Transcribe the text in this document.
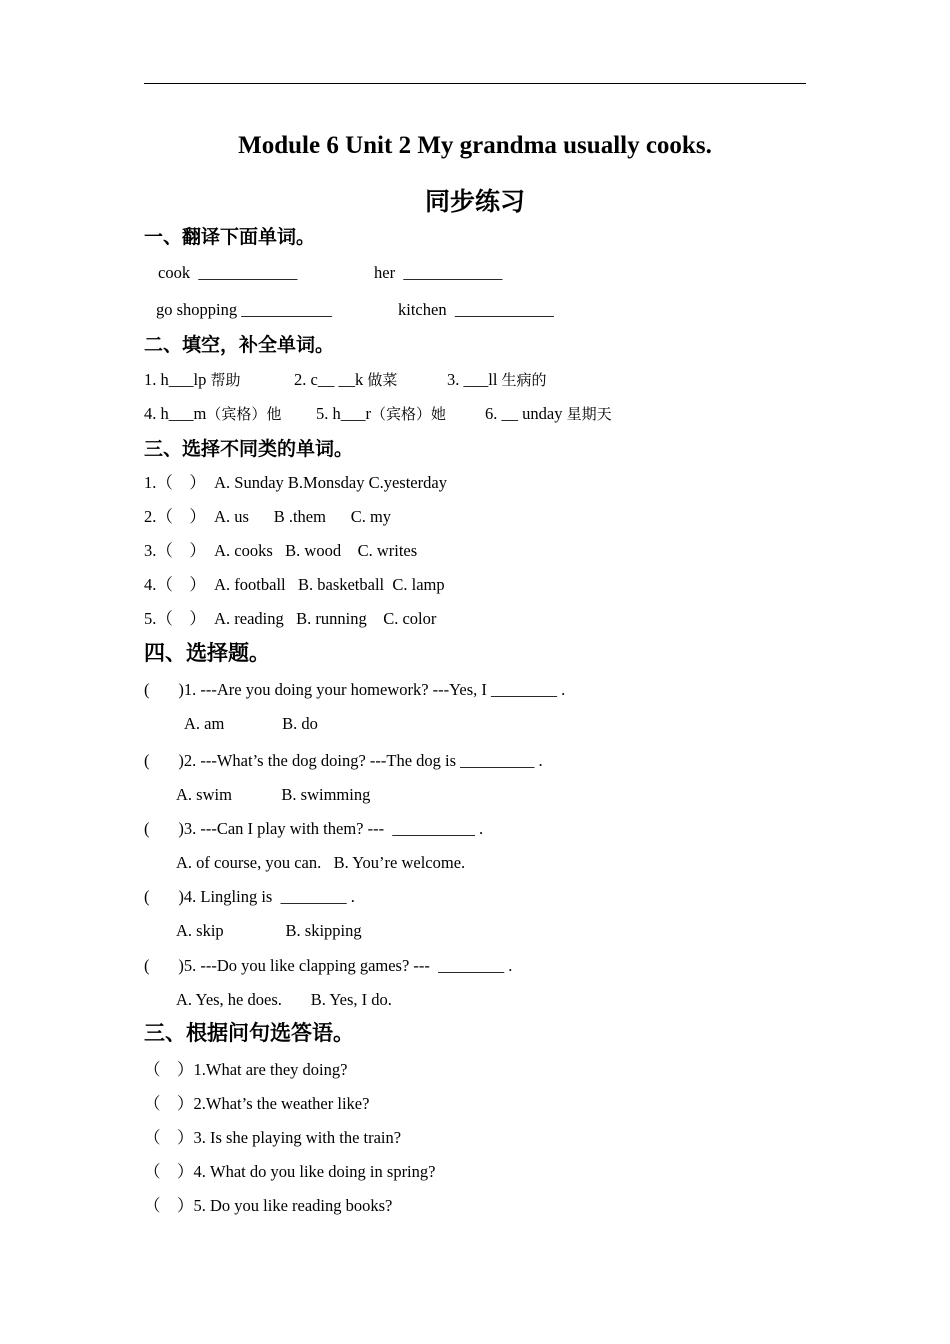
Module 6 Unit 2 My grandma usually cooks.
同步练习
一、翻译下面单词。
cook  ____________	her  ____________
go shopping ___________	kitchen  ____________
二、填空，补全单词。
1. h___lp 帮助	2. c__ __k 做菜	3. ___ll 生病的
4. h___m（宾格）他 5. h___r（宾格）她 6. __ unday 星期天
三、选择不同类的单词。
1.（　）  A. Sunday B.Monsday C.yesterday
2.（　）  A. us      B .them      C. my
3.（　）  A. cooks   B. wood    C. writes
4.（　）  A. football   B. basketball  C. lamp
5.（　）  A. reading   B. running    C. color
四、选择题。
(       )1. ---Are you doing your homework? ---Yes, I ________ .
A. am              B. do
(       )2. ---What’s the dog doing? ---The dog is _________ .
A. swim            B. swimming
(       )3. ---Can I play with them? ---  __________ .
A. of course, you can.   B. You’re welcome.
(       )4. Lingling is  ________ .
A. skip               B. skipping
(       )5. ---Do you like clapping games? ---  ________ .
A. Yes, he does.       B. Yes, I do.
三、根据问句选答语。
（　）1.What are they doing?
（　）2.What’s the weather like?
（　）3. Is she playing with the train?
（　）4. What do you like doing in spring?
（　）5. Do you like reading books?
